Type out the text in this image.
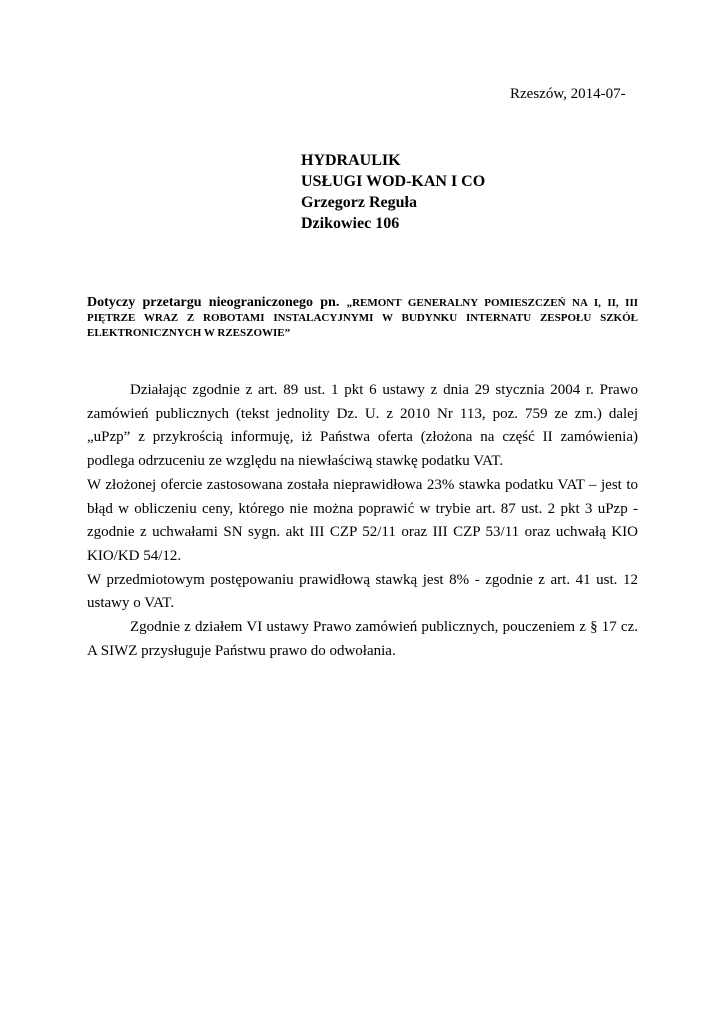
Rzeszów, 2014-07-
HYDRAULIK
USŁUGI WOD-KAN I CO
Grzegorz Reguła
Dzikowiec 106
Dotyczy przetargu nieograniczonego pn. „REMONT GENERALNY POMIESZCZEŃ NA I, II, III PIĘTRZE WRAZ Z ROBOTAMI INSTALACYJNYMI W BUDYNKU INTERNATU ZESPOŁU SZKÓŁ ELEKTRONICZNYCH W RZESZOWIE”

Działając zgodnie z art. 89 ust. 1 pkt 6 ustawy z dnia 29 stycznia 2004 r. Prawo zamówień publicznych (tekst jednolity Dz. U. z 2010 Nr 113, poz. 759 ze zm.) dalej „uPzp” z przykrością informuję, iż Państwa oferta (złożona na część II zamówienia) podlega odrzuceniu ze względu na niewłaściwą stawkę podatku VAT.

W złożonej ofercie zastosowana została nieprawidłowa 23% stawka podatku VAT – jest to błąd w obliczeniu ceny, którego nie można poprawić w trybie art. 87 ust. 2 pkt 3 uPzp - zgodnie z uchwałami SN sygn. akt III CZP 52/11 oraz III CZP 53/11 oraz uchwałą KIO KIO/KD 54/12.

W przedmiotowym postępowaniu prawidłową stawką jest 8% - zgodnie z art. 41 ust. 12 ustawy o VAT.

Zgodnie z działem VI ustawy Prawo zamówień publicznych, pouczeniem z § 17 cz. A SIWZ przysługuje Państwu prawo do odwołania.
